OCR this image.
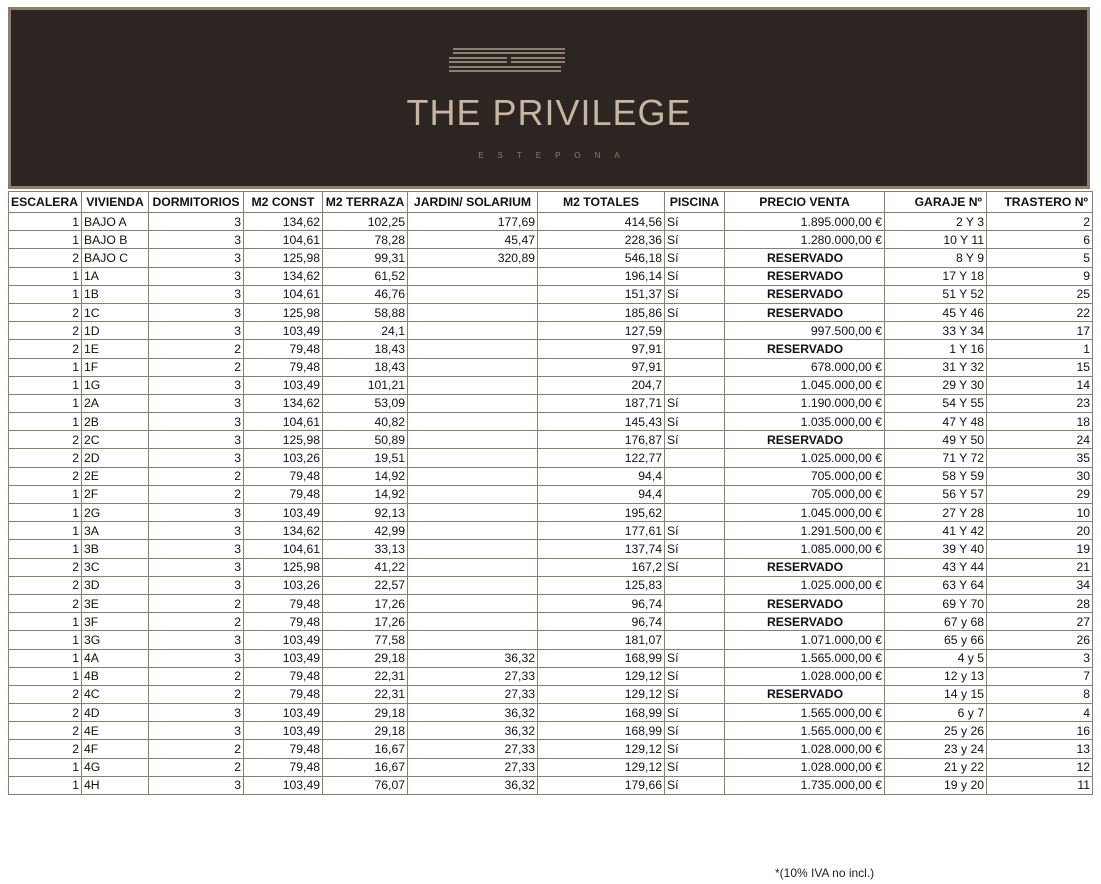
THE PRIVILEGE
ESTEPONA
ESCALERA	VIVIENDA	DORMITORIOS	M2 CONST	M2 TERRAZA	JARDIN/ SOLARIUM	M2 TOTALES	PISCINA	PRECIO VENTA	GARAJE Nº	TRASTERO Nº
1	BAJO A	3	134,62	102,25	177,69	414,56	Sí	1.895.000,00 €	2 Y 3	2
1	BAJO B	3	104,61	78,28	45,47	228,36	Sí	1.280.000,00 €	10 Y 11	6
2	BAJO C	3	125,98	99,31	320,89	546,18	Sí	RESERVADO	8 Y 9	5
1	1A	3	134,62	61,52		196,14	Sí	RESERVADO	17 Y 18	9
1	1B	3	104,61	46,76		151,37	Sí	RESERVADO	51 Y 52	25
2	1C	3	125,98	58,88		185,86	Sí	RESERVADO	45 Y 46	22
2	1D	3	103,49	24,1		127,59		997.500,00 €	33 Y 34	17
2	1E	2	79,48	18,43		97,91		RESERVADO	1 Y 16	1
1	1F	2	79,48	18,43		97,91		678.000,00 €	31 Y 32	15
1	1G	3	103,49	101,21		204,7		1.045.000,00 €	29 Y 30	14
1	2A	3	134,62	53,09		187,71	Sí	1.190.000,00 €	54 Y 55	23
1	2B	3	104,61	40,82		145,43	Sí	1.035.000,00 €	47 Y 48	18
2	2C	3	125,98	50,89		176,87	Sí	RESERVADO	49 Y 50	24
2	2D	3	103,26	19,51		122,77		1.025.000,00 €	71 Y 72	35
2	2E	2	79,48	14,92		94,4		705.000,00 €	58 Y 59	30
1	2F	2	79,48	14,92		94,4		705.000,00 €	56 Y 57	29
1	2G	3	103,49	92,13		195,62		1.045.000,00 €	27 Y 28	10
1	3A	3	134,62	42,99		177,61	Sí	1.291.500,00 €	41 Y 42	20
1	3B	3	104,61	33,13		137,74	Sí	1.085.000,00 €	39 Y 40	19
2	3C	3	125,98	41,22		167,2	Sí	RESERVADO	43 Y 44	21
2	3D	3	103,26	22,57		125,83		1.025.000,00 €	63 Y 64	34
2	3E	2	79,48	17,26		96,74		RESERVADO	69 Y 70	28
1	3F	2	79,48	17,26		96,74		RESERVADO	67 y 68	27
1	3G	3	103,49	77,58		181,07		1.071.000,00 €	65 y 66	26
1	4A	3	103,49	29,18	36,32	168,99	Sí	1.565.000,00 €	4 y 5	3
1	4B	2	79,48	22,31	27,33	129,12	Sí	1.028.000,00 €	12 y 13	7
2	4C	2	79,48	22,31	27,33	129,12	Sí	RESERVADO	14 y 15	8
2	4D	3	103,49	29,18	36,32	168,99	Sí	1.565.000,00 €	6 y 7	4
2	4E	3	103,49	29,18	36,32	168,99	Sí	1.565.000,00 €	25 y 26	16
2	4F	2	79,48	16,67	27,33	129,12	Sí	1.028.000,00 €	23 y 24	13
1	4G	2	79,48	16,67	27,33	129,12	Sí	1.028.000,00 €	21 y 22	12
1	4H	3	103,49	76,07	36,32	179,66	Sí	1.735.000,00 €	19 y 20	11
*(10% IVA no incl.)
